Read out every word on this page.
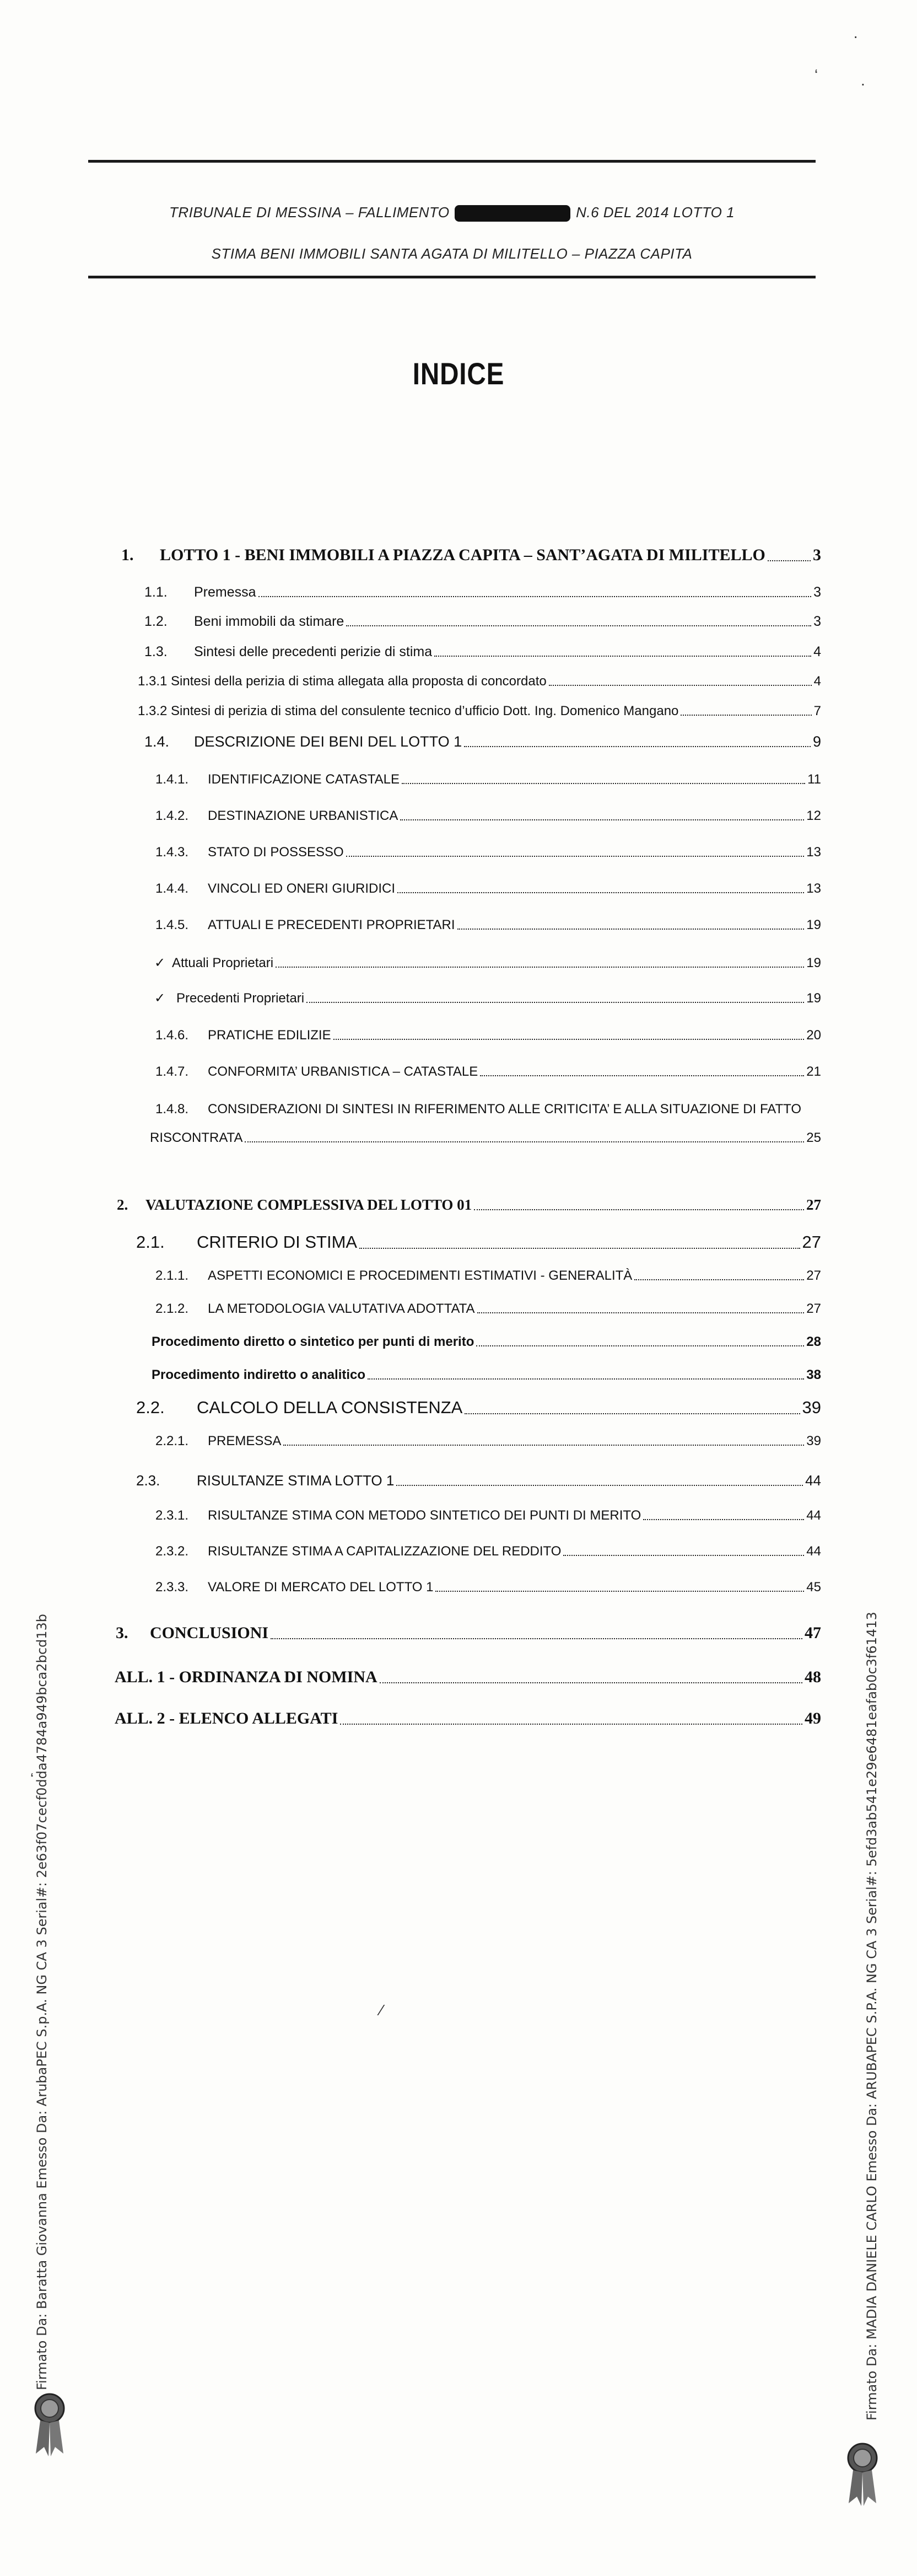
·
‘	.
TRIBUNALE DI MESSINA – FALLIMENTO	N.6 DEL 2014 LOTTO 1
STIMA BENI IMMOBILI SANTA AGATA DI MILITELLO – PIAZZA CAPITA
INDICE
1.	LOTTO 1 - BENI IMMOBILI A PIAZZA CAPITA – SANT’AGATA DI MILITELLO	3
1.1.	Premessa	3
1.2.	Beni immobili da stimare	3
1.3.	Sintesi delle precedenti perizie di stima	4
1.3.1 Sintesi della perizia di stima allegata alla proposta di concordato	4
1.3.2 Sintesi di perizia di stima del consulente tecnico d’ufficio Dott. Ing. Domenico Mangano	7
1.4.	DESCRIZIONE DEI BENI DEL LOTTO 1	9
1.4.1.	IDENTIFICAZIONE CATASTALE	11
1.4.2.	DESTINAZIONE URBANISTICA	12
1.4.3.	STATO DI POSSESSO	13
1.4.4.	VINCOLI ED ONERI GIURIDICI	13
1.4.5.	ATTUALI E PRECEDENTI PROPRIETARI	19
✓ Attuali Proprietari	19
✓ Precedenti Proprietari	19
1.4.6.	PRATICHE EDILIZIE	20
1.4.7.	CONFORMITA’ URBANISTICA – CATASTALE	21
1.4.8.	CONSIDERAZIONI DI SINTESI IN RIFERIMENTO ALLE CRITICITA’ E ALLA SITUAZIONE DI FATTO
RISCONTRATA	25
2.	VALUTAZIONE COMPLESSIVA DEL LOTTO 01	27
2.1.	CRITERIO DI STIMA	27
2.1.1.	ASPETTI ECONOMICI E PROCEDIMENTI ESTIMATIVI - GENERALITÀ	27
2.1.2.	LA METODOLOGIA VALUTATIVA ADOTTATA	27
Procedimento diretto o sintetico per punti di merito	28
Procedimento indiretto o analitico	38
2.2.	CALCOLO DELLA CONSISTENZA	39
2.2.1.	PREMESSA	39
2.3.	RISULTANZE STIMA LOTTO 1	44
2.3.1.	RISULTANZE STIMA CON METODO SINTETICO DEI PUNTI DI MERITO	44
2.3.2.	RISULTANZE STIMA A CAPITALIZZAZIONE DEL REDDITO	44
2.3.3.	VALORE DI MERCATO DEL LOTTO 1	45
3.	CONCLUSIONI	47
ALL. 1 - ORDINANZA DI NOMINA	48
ALL. 2 - ELENCO ALLEGATI	49
Firmato Da: Baratta Giovanna Emesso Da: ArubaPEC S.p.A. NG CA 3 Serial#: 2e63f07cecf0dda4784a949bca2bcd13b	Firmato Da: MADIA DANIELE CARLO Emesso Da: ARUBAPEC S.P.A. NG CA 3 Serial#: 5efd3ab541e29e6481eafab0c3f61413
⁄
‘
